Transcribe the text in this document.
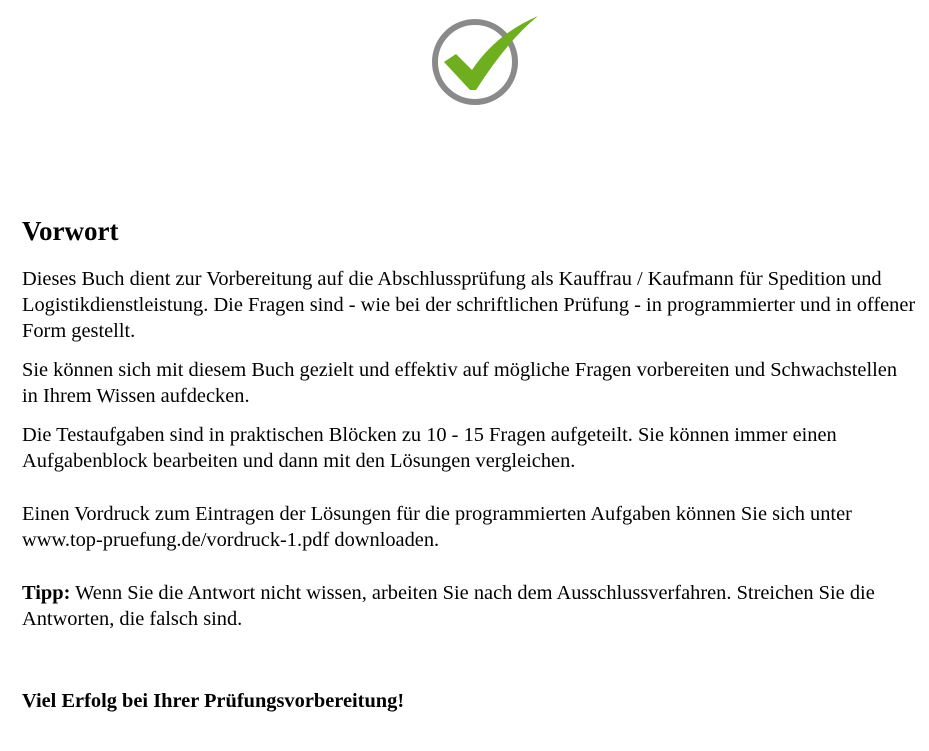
Vorwort

Dieses Buch dient zur Vorbereitung auf die Abschlussprüfung als Kauffrau / Kaufmann für Spedition und Logistikdienstleistung. Die Fragen sind - wie bei der schriftlichen Prüfung - in programmierter und in offener Form gestellt.

Sie können sich mit diesem Buch gezielt und effektiv auf mögliche Fragen vorbereiten und Schwachstellen in Ihrem Wissen aufdecken.

Die Testaufgaben sind in praktischen Blöcken zu 10 - 15 Fragen aufgeteilt. Sie können immer einen Aufgabenblock bearbeiten und dann mit den Lösungen vergleichen.

Einen Vordruck zum Eintragen der Lösungen für die programmierten Aufgaben können Sie sich unter www.top-pruefung.de/vordruck-1.pdf downloaden.

Tipp: Wenn Sie die Antwort nicht wissen, arbeiten Sie nach dem Ausschlussverfahren. Streichen Sie die Antworten, die falsch sind.

Viel Erfolg bei Ihrer Prüfungsvorbereitung!
